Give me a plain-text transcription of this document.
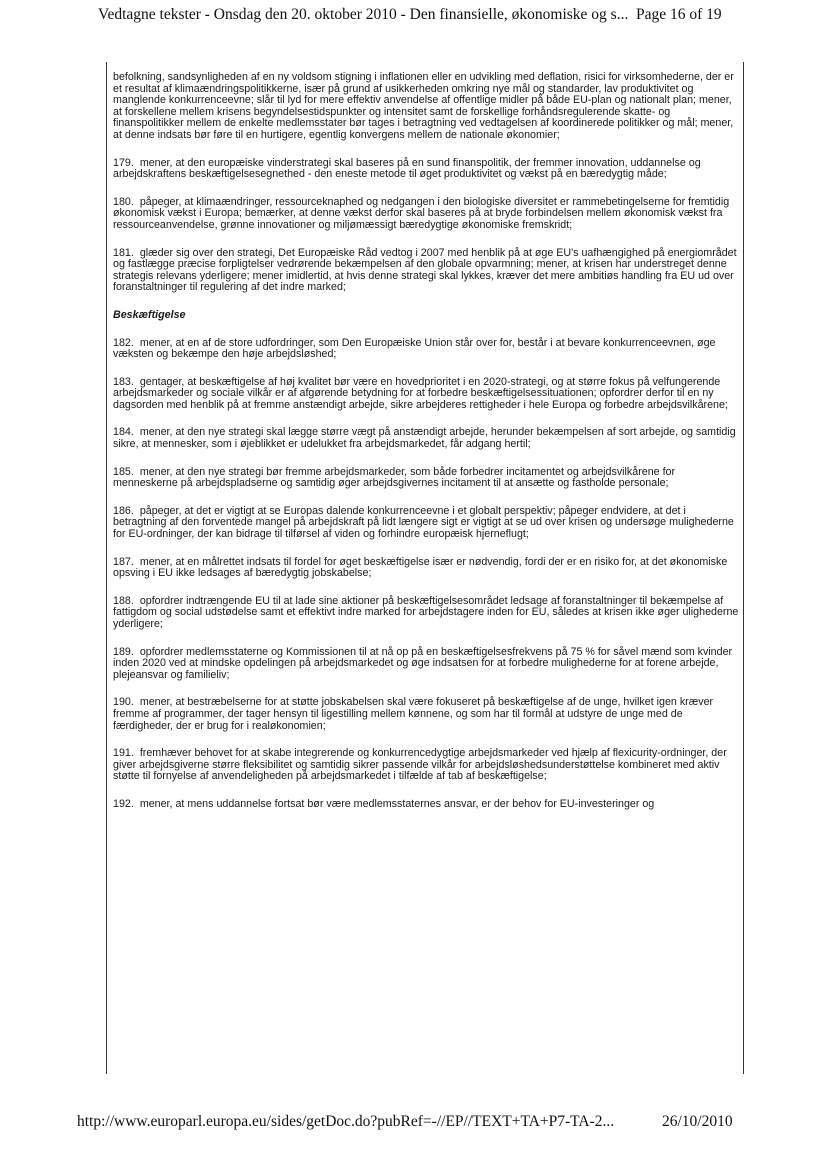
Vedtagne tekster - Onsdag den 20. oktober 2010 - Den finansielle, økonomiske og s... Page 16 of 19

befolkning, sandsynligheden af en ny voldsom stigning i inflationen eller en udvikling med deflation, risici for virksomhederne, der er et resultat af klimaændringspolitikkerne, især på grund af usikkerheden omkring nye mål og standarder, lav produktivitet og manglende konkurrenceevne; slår til lyd for mere effektiv anvendelse af offentlige midler på både EU-plan og nationalt plan; mener, at forskellene mellem krisens begyndelsestidspunkter og intensitet samt de forskellige forhåndsregulerende skatte- og finanspolitikker mellem de enkelte medlemsstater bør tages i betragtning ved vedtagelsen af koordinerede politikker og mål; mener, at denne indsats bør føre til en hurtigere, egentlig konvergens mellem de nationale økonomier;

179. mener, at den europæiske vinderstrategi skal baseres på en sund finanspolitik, der fremmer innovation, uddannelse og arbejdskraftens beskæftigelsesegnethed - den eneste metode til øget produktivitet og vækst på en bæredygtig måde;

180. påpeger, at klimaændringer, ressourceknaphed og nedgangen i den biologiske diversitet er rammebetingelserne for fremtidig økonomisk vækst i Europa; bemærker, at denne vækst derfor skal baseres på at bryde forbindelsen mellem økonomisk vækst fra ressourceanvendelse, grønne innovationer og miljømæssigt bæredygtige økonomiske fremskridt;

181. glæder sig over den strategi, Det Europæiske Råd vedtog i 2007 med henblik på at øge EU's uafhængighed på energiområdet og fastlægge præcise forpligtelser vedrørende bekæmpelsen af den globale opvarmning; mener, at krisen har understreget denne strategis relevans yderligere; mener imidlertid, at hvis denne strategi skal lykkes, kræver det mere ambitiøs handling fra EU ud over foranstaltninger til regulering af det indre marked;

Beskæftigelse

182. mener, at en af de store udfordringer, som Den Europæiske Union står over for, består i at bevare konkurrenceevnen, øge væksten og bekæmpe den høje arbejdsløshed;

183. gentager, at beskæftigelse af høj kvalitet bør være en hovedprioritet i en 2020-strategi, og at større fokus på velfungerende arbejdsmarkeder og sociale vilkår er af afgørende betydning for at forbedre beskæftigelsessituationen; opfordrer derfor til en ny dagsorden med henblik på at fremme anstændigt arbejde, sikre arbejderes rettigheder i hele Europa og forbedre arbejdsvilkårene;

184. mener, at den nye strategi skal lægge større vægt på anstændigt arbejde, herunder bekæmpelsen af sort arbejde, og samtidig sikre, at mennesker, som i øjeblikket er udelukket fra arbejdsmarkedet, får adgang hertil;

185. mener, at den nye strategi bør fremme arbejdsmarkeder, som både forbedrer incitamentet og arbejdsvilkårene for menneskerne på arbejdspladserne og samtidig øger arbejdsgivernes incitament til at ansætte og fastholde personale;

186. påpeger, at det er vigtigt at se Europas dalende konkurrenceevne i et globalt perspektiv; påpeger endvidere, at det i betragtning af den forventede mangel på arbejdskraft på lidt længere sigt er vigtigt at se ud over krisen og undersøge mulighederne for EU-ordninger, der kan bidrage til tilførsel af viden og forhindre europæisk hjerneflugt;

187. mener, at en målrettet indsats til fordel for øget beskæftigelse især er nødvendig, fordi der er en risiko for, at det økonomiske opsving i EU ikke ledsages af bæredygtig jobskabelse;

188. opfordrer indtrængende EU til at lade sine aktioner på beskæftigelsesområdet ledsage af foranstaltninger til bekæmpelse af fattigdom og social udstødelse samt et effektivt indre marked for arbejdstagere inden for EU, således at krisen ikke øger ulighederne yderligere;

189. opfordrer medlemsstaterne og Kommissionen til at nå op på en beskæftigelsesfrekvens på 75 % for såvel mænd som kvinder inden 2020 ved at mindske opdelingen på arbejdsmarkedet og øge indsatsen for at forbedre mulighederne for at forene arbejde, plejeansvar og familieliv;

190. mener, at bestræbelserne for at støtte jobskabelsen skal være fokuseret på beskæftigelse af de unge, hvilket igen kræver fremme af programmer, der tager hensyn til ligestilling mellem kønnene, og som har til formål at udstyre de unge med de færdigheder, der er brug for i realøkonomien;

191. fremhæver behovet for at skabe integrerende og konkurrencedygtige arbejdsmarkeder ved hjælp af flexicurity-ordninger, der giver arbejdsgiverne større fleksibilitet og samtidig sikrer passende vilkår for arbejdsløshedsunderstøttelse kombineret med aktiv støtte til fornyelse af anvendeligheden på arbejdsmarkedet i tilfælde af tab af beskæftigelse;

192. mener, at mens uddannelse fortsat bør være medlemsstaternes ansvar, er der behov for EU-investeringer og

http://www.europarl.europa.eu/sides/getDoc.do?pubRef=-//EP//TEXT+TA+P7-TA-2...	26/10/2010
